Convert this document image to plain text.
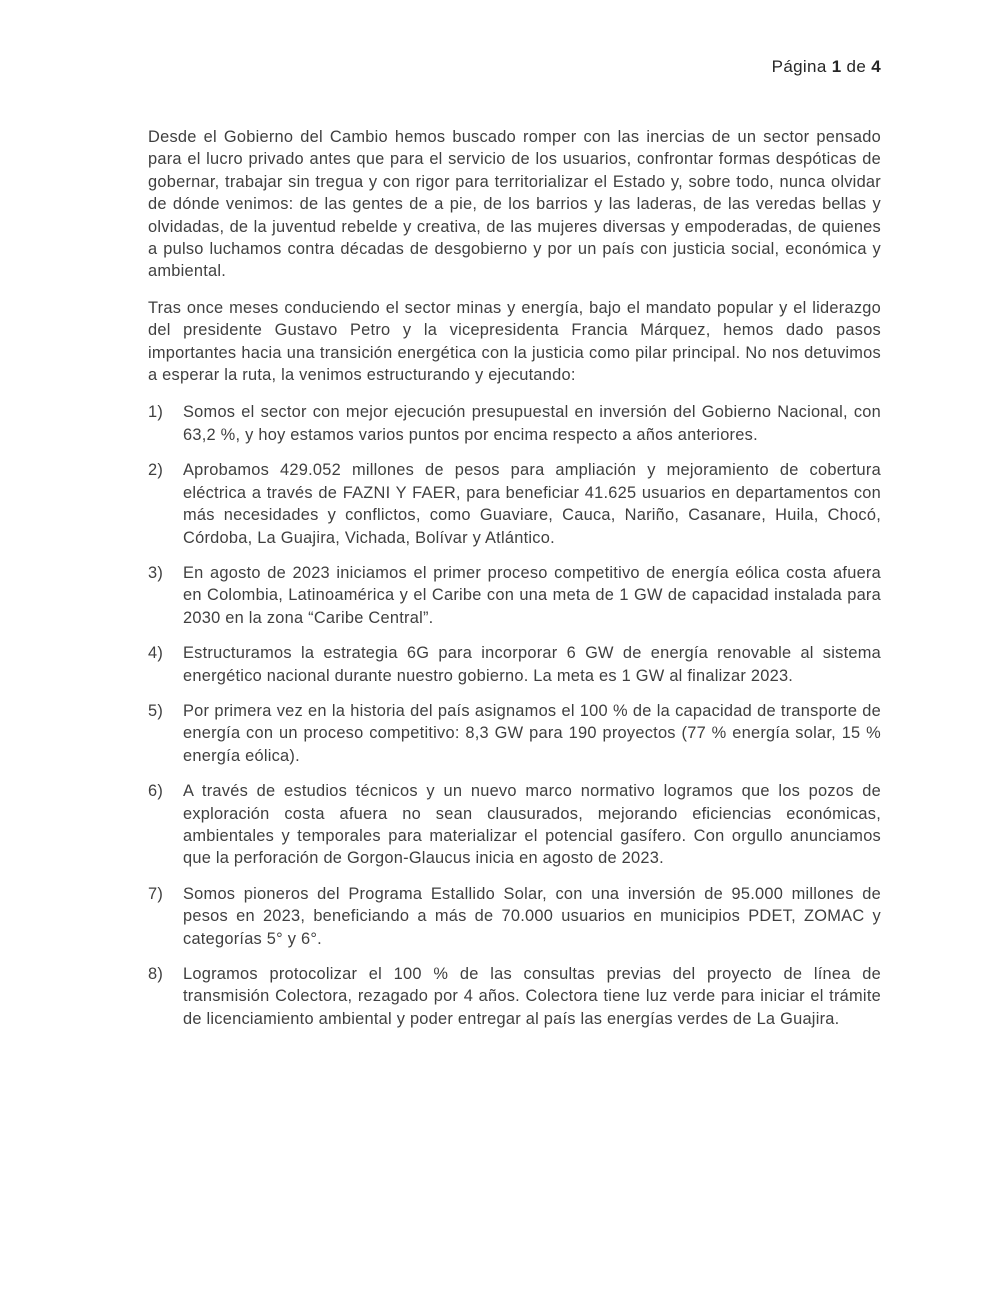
Página 1 de 4

Desde el Gobierno del Cambio hemos buscado romper con las inercias de un sector pensado para el lucro privado antes que para el servicio de los usuarios, confrontar formas despóticas de gobernar, trabajar sin tregua y con rigor para territorializar el Estado y, sobre todo, nunca olvidar de dónde venimos: de las gentes de a pie, de los barrios y las laderas, de las veredas bellas y olvidadas, de la juventud rebelde y creativa, de las mujeres diversas y empoderadas, de quienes a pulso luchamos contra décadas de desgobierno y por un país con justicia social, económica y ambiental.

Tras once meses conduciendo el sector minas y energía, bajo el mandato popular y el liderazgo del presidente Gustavo Petro y la vicepresidenta Francia Márquez, hemos dado pasos importantes hacia una transición energética con la justicia como pilar principal. No nos detuvimos a esperar la ruta, la venimos estructurando y ejecutando:

1)	Somos el sector con mejor ejecución presupuestal en inversión del Gobierno Nacional, con 63,2 %, y hoy estamos varios puntos por encima respecto a años anteriores.
2)	Aprobamos 429.052 millones de pesos para ampliación y mejoramiento de cobertura eléctrica a través de FAZNI Y FAER, para beneficiar 41.625 usuarios en departamentos con más necesidades y conflictos, como Guaviare, Cauca, Nariño, Casanare, Huila, Chocó, Córdoba, La Guajira, Vichada, Bolívar y Atlántico.
3)	En agosto de 2023 iniciamos el primer proceso competitivo de energía eólica costa afuera en Colombia, Latinoamérica y el Caribe con una meta de 1 GW de capacidad instalada para 2030 en la zona “Caribe Central”.
4)	Estructuramos la estrategia 6G para incorporar 6 GW de energía renovable al sistema energético nacional durante nuestro gobierno. La meta es 1 GW al finalizar 2023.
5)	Por primera vez en la historia del país asignamos el 100 % de la capacidad de transporte de energía con un proceso competitivo: 8,3 GW para 190 proyectos (77 % energía solar, 15 % energía eólica).
6)	A través de estudios técnicos y un nuevo marco normativo logramos que los pozos de exploración costa afuera no sean clausurados, mejorando eficiencias económicas, ambientales y temporales para materializar el potencial gasífero. Con orgullo anunciamos que la perforación de Gorgon-Glaucus inicia en agosto de 2023.
7)	Somos pioneros del Programa Estallido Solar, con una inversión de 95.000 millones de pesos en 2023, beneficiando a más de 70.000 usuarios en municipios PDET, ZOMAC y categorías 5° y 6°.
8)	Logramos protocolizar el 100 % de las consultas previas del proyecto de línea de transmisión Colectora, rezagado por 4 años. Colectora tiene luz verde para iniciar el trámite de licenciamiento ambiental y poder entregar al país las energías verdes de La Guajira.
